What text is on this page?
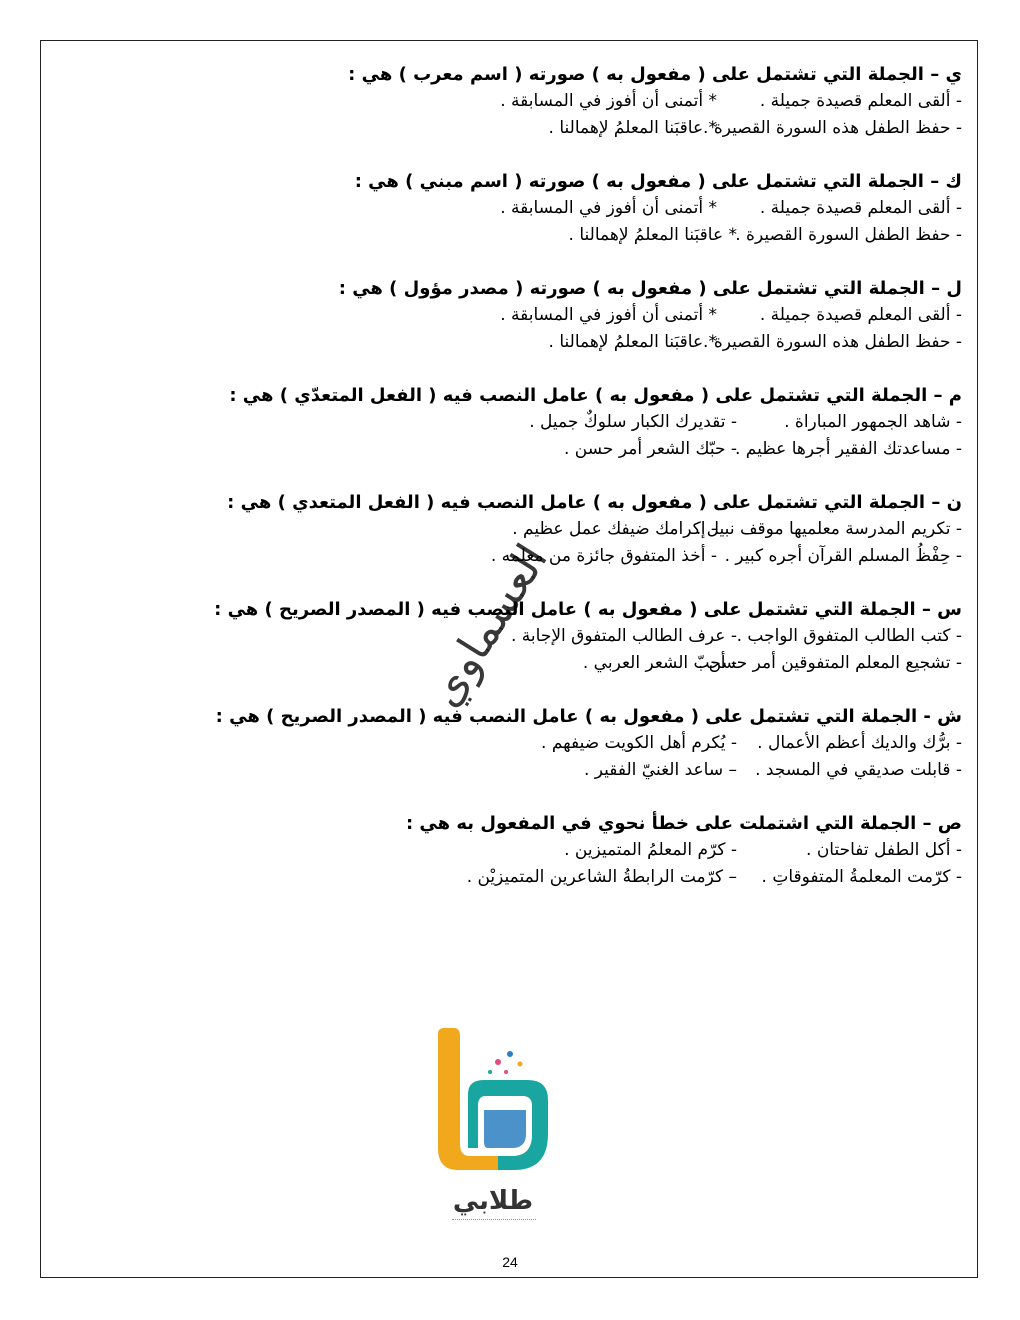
ي – الجملة التي تشتمل على ( مفعول به ) صورته ( اسم معرب ) هي :
- ألقى المعلم قصيدة جميلة .
* أتمنى أن أفوز في المسابقة .
- حفظ الطفل هذه السورة القصيرة .
* عاقبَنا المعلمُ لإهمالنا .
ك – الجملة التي تشتمل على ( مفعول به ) صورته ( اسم مبني ) هي :
- ألقى المعلم قصيدة جميلة .
* أتمنى أن أفوز في المسابقة .
- حفظ الطفل السورة القصيرة .
* عاقبَنا المعلمُ لإهمالنا .
ل – الجملة التي تشتمل على ( مفعول به ) صورته ( مصدر مؤول ) هي :
- ألقى المعلم قصيدة جميلة .
* أتمنى أن أفوز في المسابقة .
- حفظ الطفل هذه السورة القصيرة .
* عاقبَنا المعلمُ لإهمالنا .
م – الجملة التي تشتمل على ( مفعول به ) عامل النصب فيه ( الفعل المتعدّي ) هي :
- شاهد الجمهور المباراة .
- تقديرك الكبار سلوكٌ جميل .
- مساعدتك الفقير أجرها عظيم .
- حبّك الشعر أمر حسن .
ن – الجملة التي تشتمل على ( مفعول به ) عامل النصب فيه ( الفعل المتعدي ) هي :
- تكريم المدرسة معلميها موقف نبيل .
- إكرامك ضيفك عمل عظيم .
- حِفْظُ المسلم القرآن أجره كبير .
- أخذ المتفوق جائزة من معلمه .
س – الجملة التي تشتمل على ( مفعول به ) عامل النصب فيه ( المصدر الصريح ) هي :
- كتب الطالب المتفوق الواجب .
- عرف الطالب المتفوق الإجابة .
- تشجيع المعلم المتفوقين أمر حسن .
- أحبّ الشعر العربي .
ش - الجملة التي تشتمل على ( مفعول به ) عامل النصب فيه ( المصدر الصريح ) هي :
- برُّك والديك أعظم الأعمال .
- يُكرم أهل الكويت ضيفهم .
- قابلت صديقي في المسجد .
– ساعد الغنيّ الفقير .
ص – الجملة التي اشتملت على خطأ نحوي في المفعول به هي :
- أكل الطفل تفاحتان .
- كرّم المعلمُ المتميزين .
- كرّمت المعلمةُ المتفوقاتِ .
– كرّمت الرابطةُ الشاعرين المتميزيْن .
العسماوي
طلابي
24
